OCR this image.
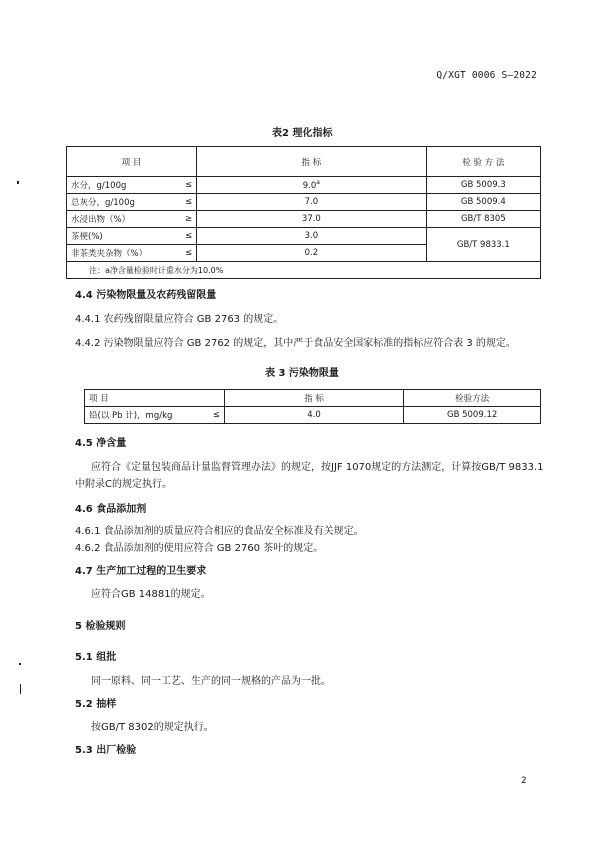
Q/XGT 0006 S—2022
表2 理化指标
项 目		指 标	检 验 方 法
水分，g/100g	≤	9.0$^a$	GB 5009.3
总灰分，g/100g	≤	7.0	GB 5009.4
水浸出物（%）	≥	37.0	GB/T 8305
茶梗(%)	≤	3.0	GB/T 9833.1
非茶类夹杂物（%）	≤	0.2	
注：a净含量检验时计重水分为10.0%			
4.4 污染物限量及农药残留限量
4.4.1 农药残留限量应符合 GB 2763 的规定。
4.4.2 污染物限量应符合 GB 2762 的规定，其中严于食品安全国家标准的指标应符合表 3 的规定。
表 3 污染物限量
项 目		指 标	检验方法
铅(以 Pb 计)，mg/kg	≤	4.0	GB 5009.12
4.5 净含量
应符合《定量包装商品计量监督管理办法》的规定，按JJF 1070规定的方法测定，计算按GB/T 9833.1
中附录C的规定执行。
4.6 食品添加剂
4.6.1 食品添加剂的质量应符合相应的食品安全标准及有关规定。
4.6.2 食品添加剂的使用应符合 GB 2760 茶叶的规定。
4.7 生产加工过程的卫生要求
应符合GB 14881的规定。
5 检验规则
5.1 组批
同一原料、同一工艺、生产的同一规格的产品为一批。
5.2 抽样
按GB/T 8302的规定执行。
5.3 出厂检验
2
